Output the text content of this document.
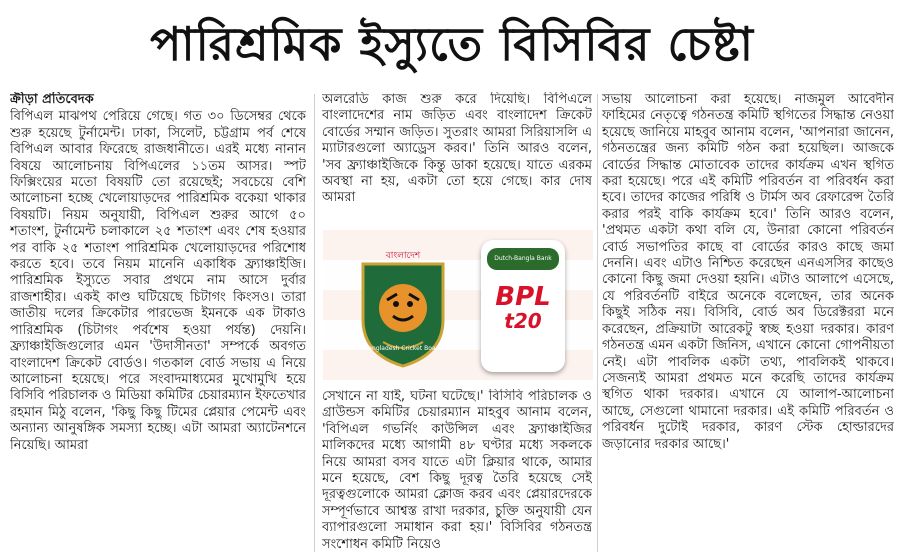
পারিশ্রমিক ইস্যুতে বিসিবির চেষ্টা

ক্রীড়া প্রতিবেদক
বিপিএল মাঝপথ পেরিয়ে গেছে। গত ৩০ ডিসেম্বর থেকে শুরু হয়েছে টুর্নামেন্ট। ঢাকা, সিলেট, চট্টগ্রাম পর্ব শেষে বিপিএল আবার ফিরেছে রাজধানীতে। এরই মধ্যে নানান বিষয়ে আলোচনায় বিপিএলের ১১তম আসর। স্পট ফিক্সিংয়ের মতো বিষয়টি তো রয়েছেই; সবচেয়ে বেশি আলোচনা হচ্ছে খেলোয়াড়দের পারিশ্রমিক বকেয়া থাকার বিষয়টি। নিয়ম অনুযায়ী, বিপিএল শুরুর আগে ৫০ শতাংশ, টুর্নামেন্ট চলাকালে ২৫ শতাংশ এবং শেষ হওয়ার পর বাকি ২৫ শতাংশ পারিশ্রমিক খেলোয়াড়দের পরিশোধ করতে হবে। তবে নিয়ম মানেনি একাধিক ফ্র্যাঞ্চাইজি। পারিশ্রমিক ইস্যুতে সবার প্রথমে নাম আসে দুর্বার রাজশাহীর। একই কাণ্ড ঘটিয়েছে চিটাগং কিংসও। তারা জাতীয় দলের ক্রিকেটার পারভেজ ইমনকে এক টাকাও পারিশ্রমিক (চিটাগং পর্বশেষ হওয়া পর্যন্ত) দেয়নি। ফ্র্যাঞ্চাইজিগুলোর এমন 'উদাসীনতা' সম্পর্কে অবগত বাংলাদেশ ক্রিকেট বোর্ডও। গতকাল বোর্ড সভায় এ নিয়ে আলোচনা হয়েছে। পরে সংবাদমাধ্যমের মুখোমুখি হয়ে বিসিবি পরিচালক ও মিডিয়া কমিটির চেয়ারম্যান ইফতেখার রহমান মিঠু বলেন, 'কিছু কিছু টিমের প্লেয়ার পেমেন্ট এবং অন্যান্য আনুষঙ্গিক সমস্যা হচ্ছে। এটা আমরা অ্যাটেনশনে নিয়েছি। আমরা

অলরেডি কাজ শুরু করে দিয়েছি। বিপিএলে বাংলাদেশের নাম জড়িত এবং বাংলাদেশ ক্রিকেট বোর্ডের সম্মান জড়িত। সুতরাং আমরা সিরিয়াসলি এ ম্যাটারগুলো অ্যাড্রেস করব।' তিনি আরও বলেন, 'সব ফ্র্যাঞ্চাইজিকে কিন্তু ডাকা হয়েছে। যাতে এরকম অবস্থা না হয়, একটা তো হয়ে গেছে। কার দোষ আমরা

বাংলাদেশ
Bangladesh Cricket Board
Dutch-Bangla Bank
BPL
t20

সেখানে না যাই, ঘটনা ঘটেছে।' বিসিবি পরিচালক ও গ্রাউন্ডস কমিটির চেয়ারম্যান মাহবুব আনাম বলেন, 'বিপিএল গভর্নিং কাউন্সিল এবং ফ্র্যাঞ্চাইজির মালিকদের মধ্যে আগামী ৪৮ ঘণ্টার মধ্যে সকলকে নিয়ে আমরা বসব যাতে এটা ক্লিয়ার থাকে, আমার মনে হয়েছে, বেশ কিছু দূরত্ব তৈরি হয়েছে সেই দূরত্বগুলোকে আমরা ক্লোজ করব এবং প্লেয়ারদেরকে সম্পূর্ণভাবে আশ্বস্ত রাখা দরকার, চুক্তি অনুযায়ী যেন ব্যাপারগুলো সমাধান করা হয়।' বিসিবির গঠনতন্ত্র সংশোধন কমিটি নিয়েও

সভায় আলোচনা করা হয়েছে। নাজমুল আবেদীন ফাহিমের নেতৃত্বে গঠনতন্ত্র কমিটি স্থগিতের সিদ্ধান্ত নেওয়া হয়েছে জানিয়ে মাহবুব আনাম বলেন, 'আপনারা জানেন, গঠনতন্ত্রের জন্য কমিটি গঠন করা হয়েছিল। আজকে বোর্ডের সিদ্ধান্ত মোতাবেক তাদের কার্যক্রম এখন স্থগিত করা হয়েছে। পরে এই কমিটি পরিবর্তন বা পরিবর্ধন করা হবে। তাদের কাজের পরিধি ও টার্মস অব রেফারেন্স তৈরি করার পরই বাকি কার্যক্রম হবে।' তিনি আরও বলেন, 'প্রথমত একটা কথা বলি যে, উনারা কোনো পরিবর্তন বোর্ড সভাপতির কাছে বা বোর্ডের কারও কাছে জমা দেননি। এবং এটাও নিশ্চিত করেছেন এনএসসির কাছেও কোনো কিছু জমা দেওয়া হয়নি। এটাও আলাপে এসেছে, যে পরিবর্তনটি বাইরে অনেকে বলেছেন, তার অনেক কিছুই সঠিক নয়। বিসিবি, বোর্ড অব ডিরেক্টররা মনে করেছেন, প্রক্রিয়াটা আরেকটু স্বচ্ছ হওয়া দরকার। কারণ গঠনতন্ত্র এমন একটা জিনিস, এখানে কোনো গোপনীয়তা নেই। এটা পাবলিক একটা তথ্য, পাবলিকই থাকবে। সেজন্যই আমরা প্রথমত মনে করেছি তাদের কার্যক্রম স্থগিত থাকা দরকার। এখানে যে আলাপ-আলোচনা আছে, সেগুলো থামানো দরকার। এই কমিটি পরিবর্তন ও পরিবর্ধন দুটোই দরকার, কারণ স্টেক হোল্ডারদের জড়ানোর দরকার আছে।'
